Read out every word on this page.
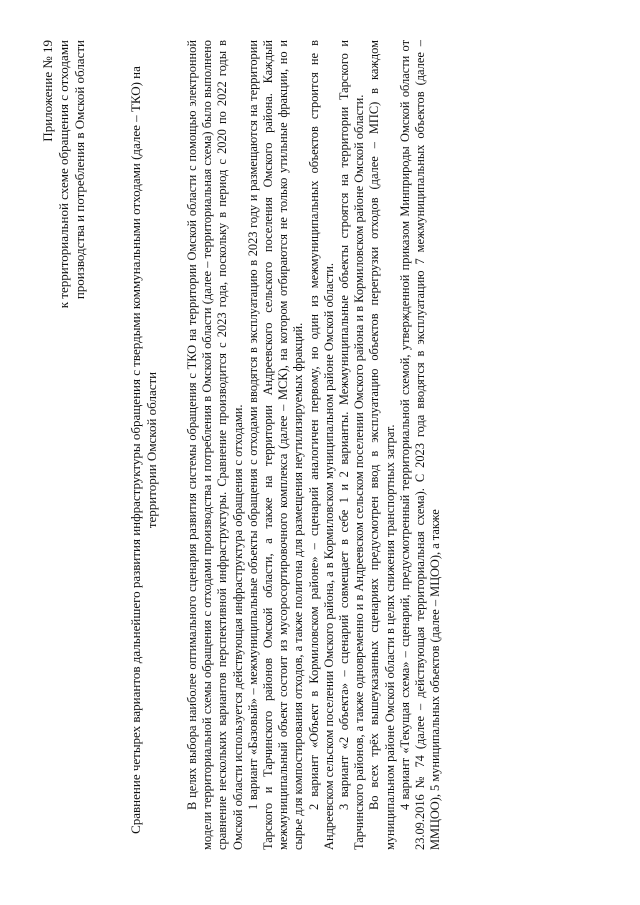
Приложение № 19 к территориальной схеме обращения с отходами производства и потребления в Омской области	Сравнение четырех вариантов дальнейшего развития инфраструктуры обращения с твердыми коммунальными отходами (далее – ТКО) на территории Омской области В целях выбора наиболее оптимального сценария развития системы обращения с ТКО на территории Омской области с помощью электронной модели территориальной схемы обращения с отходами производства и потребления в Омской области (далее – территориальная схема) было выполнено сравнение нескольких вариантов перспективной инфраструктуры. Сравнение производится с 2023 года, поскольку в период с 2020 по 2022 годы в Омской области используется действующая инфраструктура обращения с отходами. 1 вариант «Базовый» – межмуниципальные объекты обращения с отходами вводятся в эксплуатацию в 2023 году и размещаются на территории Тарского и Тарчинского районов Омской области, а также на территории Андреевского сельского поселения Омского района. Каждый межмуниципальный объект состоит из мусоросортировочного комплекса (далее – МСК), на котором отбираются не только утильные фракции, но и сырье для компостирования отходов, а также полигона для размещения неутилизируемых фракций. 2 вариант «Объект в Кормиловском районе» – сценарий аналогичен первому, но один из межмуниципальных объектов строится не в Андреевском сельском поселении Омского района, а в Кормиловском муниципальном районе Омской области. 3 вариант «2 объекта» – сценарий совмещает в себе 1 и 2 варианты. Межмуниципальные объекты строятся на территории Тарского и Тарчинского районов, а также одновременно и в Андреевском сельском поселении Омского района и в Кормиловском районе Омской области. Во всех трёх вышеуказанных сценариях предусмотрен ввод в эксплуатацию объектов перегрузки отходов (далее – МПС) в каждом муниципальном районе Омской области в целях снижения транспортных затрат. 4 вариант «Текущая схема» – сценарий, предусмотренный территориальной схемой, утвержденной приказом Минприроды Омской области от 23.09.2016 № 74 (далее – действующая территориальная схема). С 2023 года вводятся в эксплуатацию 7 межмуниципальных объектов (далее – ММЦОО), 5 муниципальных объектов (далее – МЦОО), а также
